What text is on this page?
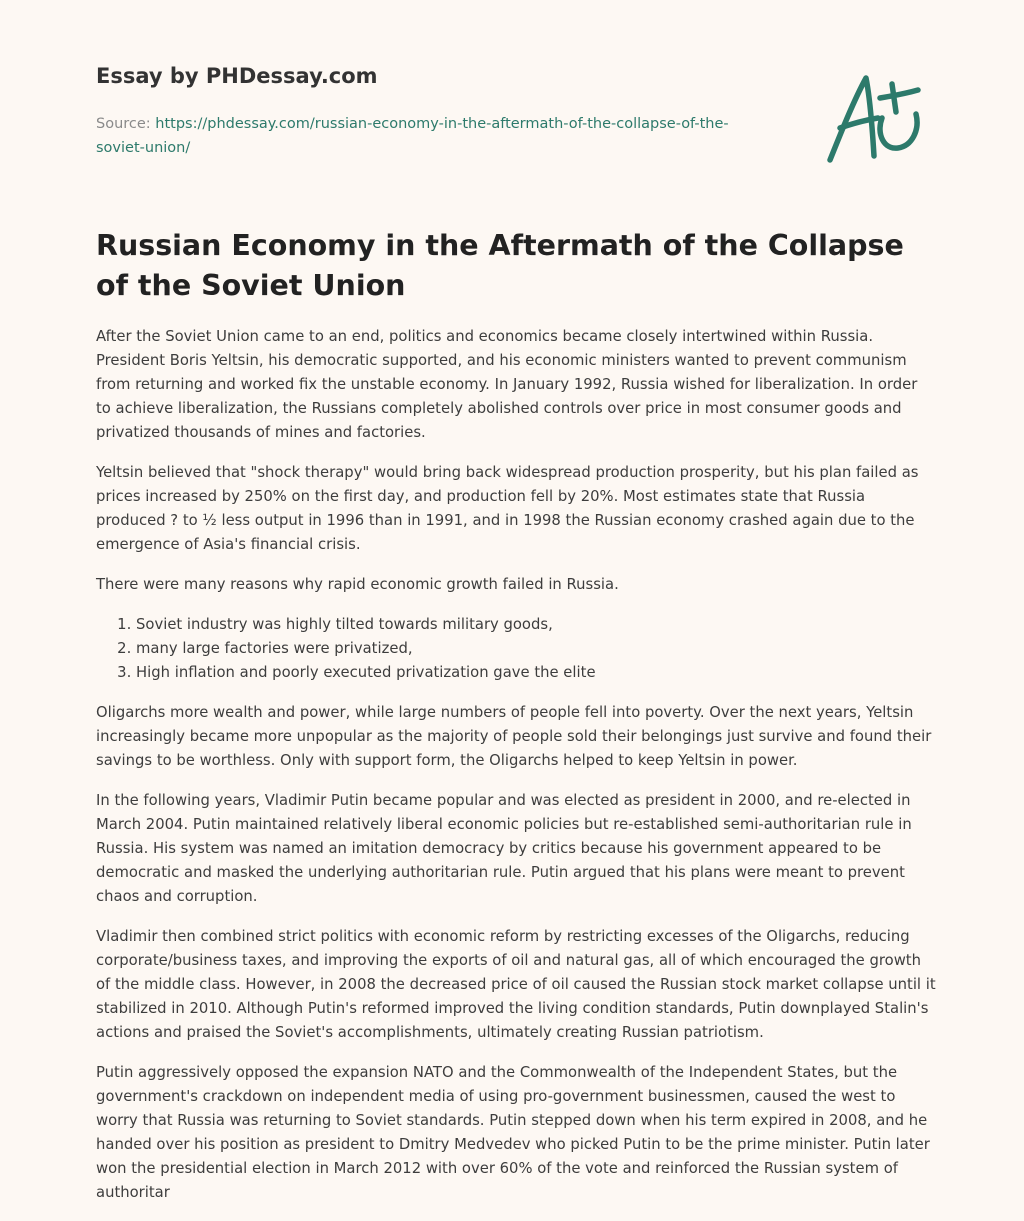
Essay by PHDessay.com
Source: https://phdessay.com/russian-economy-in-the-aftermath-of-the-collapse-of-the-soviet-union/
Russian Economy in the Aftermath of the Collapse of the Soviet Union

After the Soviet Union came to an end, politics and economics became closely intertwined within Russia. President Boris Yeltsin, his democratic supported, and his economic ministers wanted to prevent communism from returning and worked fix the unstable economy. In January 1992, Russia wished for liberalization. In order to achieve liberalization, the Russians completely abolished controls over price in most consumer goods and privatized thousands of mines and factories.

Yeltsin believed that "shock therapy" would bring back widespread production prosperity, but his plan failed as prices increased by 250% on the first day, and production fell by 20%. Most estimates state that Russia produced ? to ½ less output in 1996 than in 1991, and in 1998 the Russian economy crashed again due to the emergence of Asia's financial crisis.

There were many reasons why rapid economic growth failed in Russia.

1. Soviet industry was highly tilted towards military goods,
2. many large factories were privatized,
3. High inflation and poorly executed privatization gave the elite

Oligarchs more wealth and power, while large numbers of people fell into poverty. Over the next years, Yeltsin increasingly became more unpopular as the majority of people sold their belongings just survive and found their savings to be worthless. Only with support form, the Oligarchs helped to keep Yeltsin in power.

In the following years, Vladimir Putin became popular and was elected as president in 2000, and re-elected in March 2004. Putin maintained relatively liberal economic policies but re-established semi-authoritarian rule in Russia. His system was named an imitation democracy by critics because his government appeared to be democratic and masked the underlying authoritarian rule. Putin argued that his plans were meant to prevent chaos and corruption.

Vladimir then combined strict politics with economic reform by restricting excesses of the Oligarchs, reducing corporate/business taxes, and improving the exports of oil and natural gas, all of which encouraged the growth of the middle class. However, in 2008 the decreased price of oil caused the Russian stock market collapse until it stabilized in 2010. Although Putin's reformed improved the living condition standards, Putin downplayed Stalin's actions and praised the Soviet's accomplishments, ultimately creating Russian patriotism.

Putin aggressively opposed the expansion NATO and the Commonwealth of the Independent States, but the government's crackdown on independent media of using pro-government businessmen, caused the west to worry that Russia was returning to Soviet standards. Putin stepped down when his term expired in 2008, and he handed over his position as president to Dmitry Medvedev who picked Putin to be the prime minister. Putin later won the presidential election in March 2012 with over 60% of the vote and reinforced the Russian system of authoritar
